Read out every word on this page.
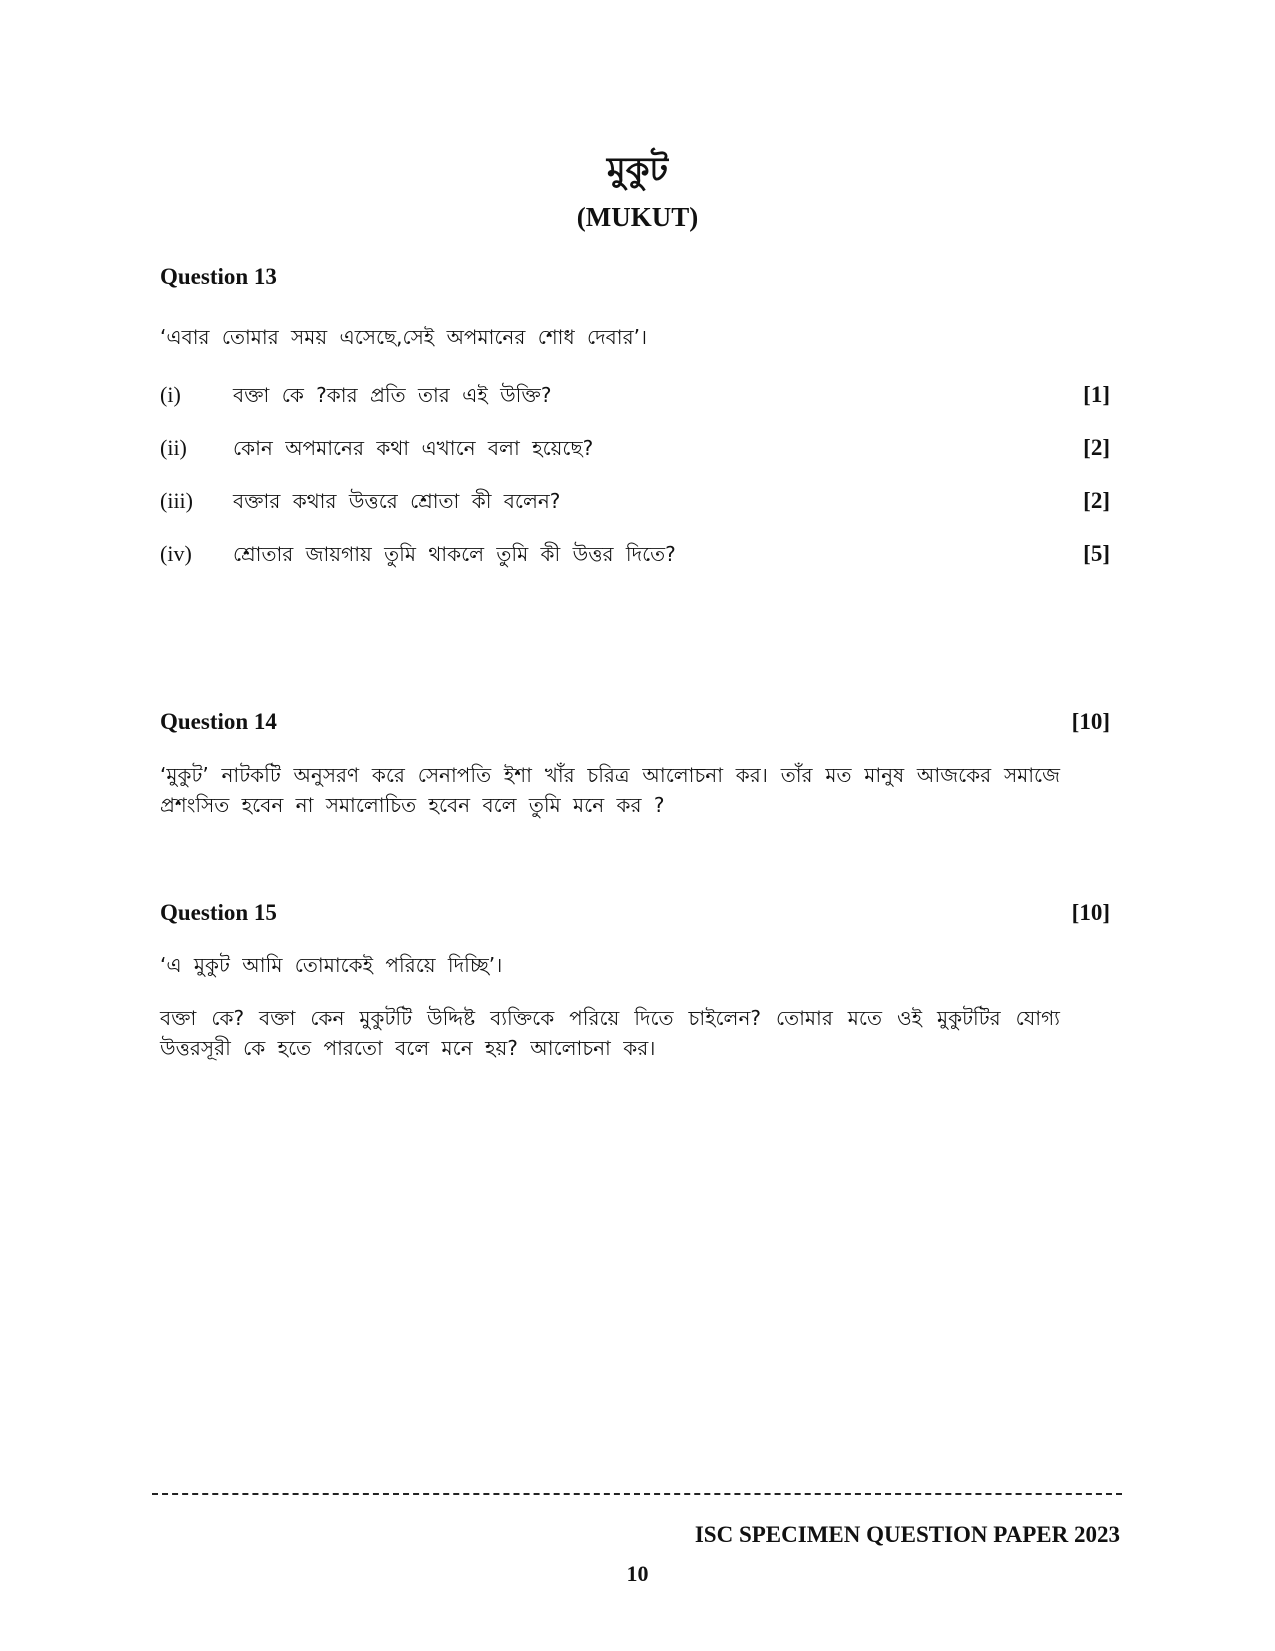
মুকুট
(MUKUT)
Question 13
‘এবার তোমার সময় এসেছে,সেই অপমানের শোধ দেবার’।
(i)	বক্তা কে ?কার প্রতি তার এই উক্তি?	[1]
(ii) কোন অপমানের কথা এখানে বলা হয়েছে?	[2]
(iii) বক্তার কথার উত্তরে শ্রোতা কী বলেন?	[2]
(iv) শ্রোতার জায়গায় তুমি থাকলে তুমি কী উত্তর দিতে?	[5]
Question 14	[10]
‘মুকুট’ নাটকটি অনুসরণ করে সেনাপতি ইশা খাঁর চরিত্র আলোচনা কর। তাঁর মত মানুষ আজকের সমাজে প্রশংসিত হবেন না সমালোচিত হবেন বলে তুমি মনে কর ?
Question 15	[10]
‘এ মুকুট আমি তোমাকেই পরিয়ে দিচ্ছি’।
বক্তা কে? বক্তা কেন মুকুটটি উদ্দিষ্ট ব্যক্তিকে পরিয়ে দিতে চাইলেন? তোমার মতে ওই মুকুটটির যোগ্য উত্তরসূরী কে হতে পারতো বলে মনে হয়? আলোচনা কর।
ISC SPECIMEN QUESTION PAPER 2023
10
